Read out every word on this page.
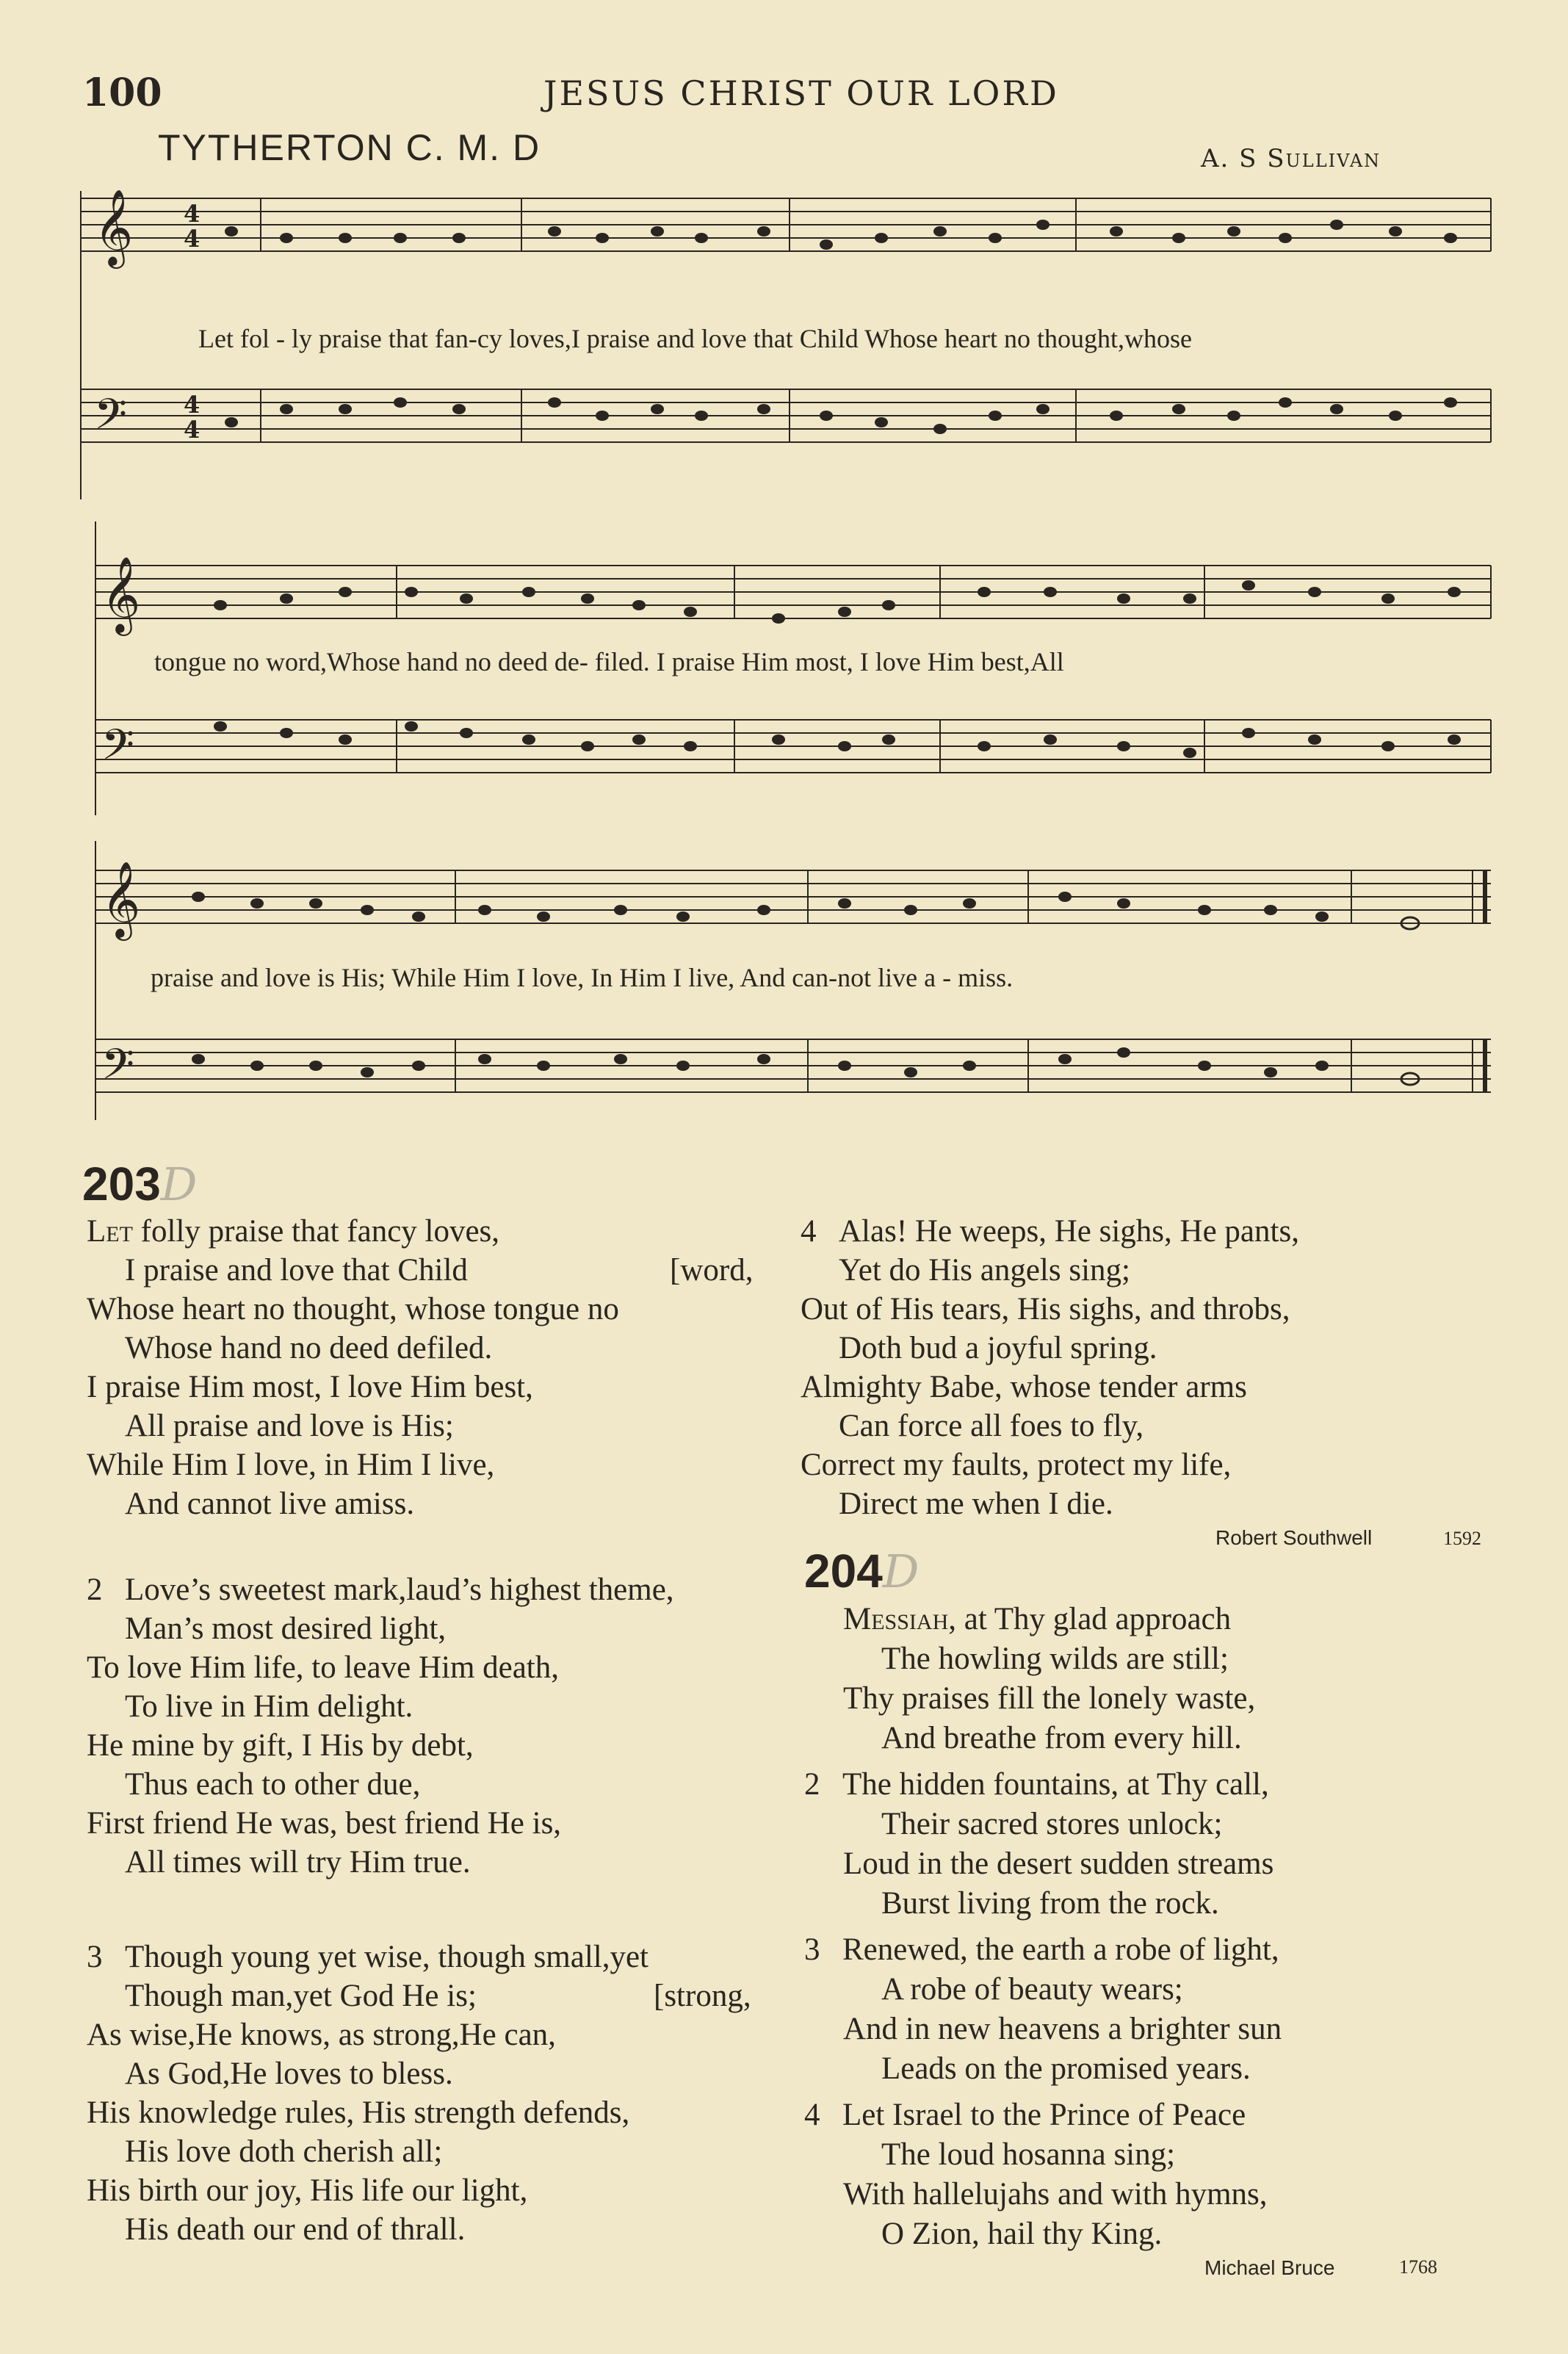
100	JESUS CHRIST OUR LORD
TYTHERTON C. M. D	A. S Sullivan
𝄞
𝄢
4
4
4
4
Let fol - ly praise that fan-cy loves,I praise and love that Child Whose heart no thought,whose
𝄞
𝄢
tongue no word,Whose hand no deed de- filed. I praise Him most, I love Him best,All
𝄞
𝄢
praise and love is His; While Him I love, In Him I live, And can-not live a - miss.
203D
Let folly praise that fancy loves,
I praise and love that Child	[word,
Whose heart no thought, whose tongue no
Whose hand no deed defiled.
I praise Him most, I love Him best,
All praise and love is His;
While Him I love, in Him I live,
And cannot live amiss.
2 Love’s sweetest mark,laud’s highest theme,
Man’s most desired light,
To love Him life, to leave Him death,
To live in Him delight.
He mine by gift, I His by debt,
Thus each to other due,
First friend He was, best friend He is,
All times will try Him true.
3 Though young yet wise, though small,yet
Though man,yet God He is;	[strong,
As wise,He knows, as strong,He can,
As God,He loves to bless.
His knowledge rules, His strength defends,
His love doth cherish all;
His birth our joy, His life our light,
His death our end of thrall.
4 Alas! He weeps, He sighs, He pants,
Yet do His angels sing;
Out of His tears, His sighs, and throbs,
Doth bud a joyful spring.
Almighty Babe, whose tender arms
Can force all foes to fly,
Correct my faults, protect my life,
Direct me when I die.
Robert Southwell	1592
204D
Messiah, at Thy glad approach
The howling wilds are still;
Thy praises fill the lonely waste,
And breathe from every hill.
2 The hidden fountains, at Thy call,
Their sacred stores unlock;
Loud in the desert sudden streams
Burst living from the rock.
3 Renewed, the earth a robe of light,
A robe of beauty wears;
And in new heavens a brighter sun
Leads on the promised years.
4 Let Israel to the Prince of Peace
The loud hosanna sing;
With hallelujahs and with hymns,
O Zion, hail thy King.
Michael Bruce	1768
